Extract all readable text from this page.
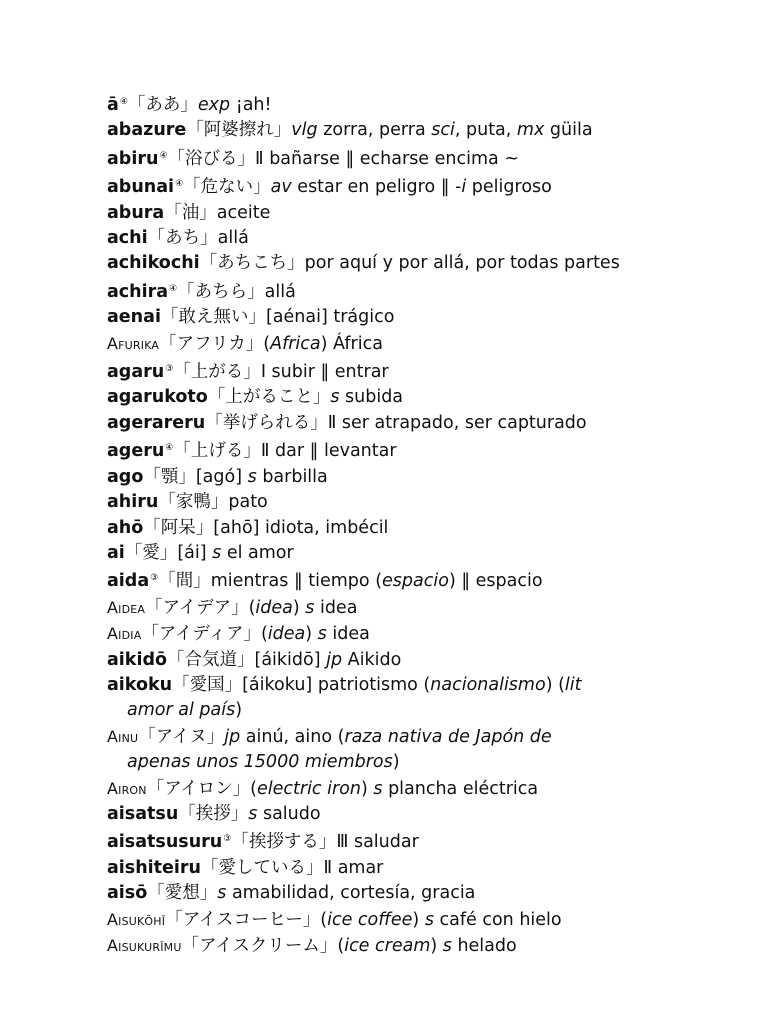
ā④「ああ」exp ¡ah!
abazure「阿婆擦れ」vlg zorra, perra sci, puta, mx güila
abiru④「浴びる」Ⅱ bañarse ‖ echarse encima ~
abunai④「危ない」av estar en peligro ‖ -i peligroso
abura「油」aceite
achi「あち」allá
achikochi「あちこち」por aquí y por allá, por todas partes
achira④「あちら」allá
aenai「敢え無い」[aénai] trágico
Afurika「アフリカ」(Africa) África
agaru③「上がる」Ⅰ subir ‖ entrar
agarukoto「上がること」s subida
agerareru「挙げられる」Ⅱ ser atrapado, ser capturado
ageru④「上げる」Ⅱ dar ‖ levantar
ago「顎」[agó] s barbilla
ahiru「家鴨」pato
ahō「阿呆」[ahō] idiota, imbécil
ai「愛」[ái] s el amor
aida③「間」mientras ‖ tiempo (espacio) ‖ espacio
Aidea「アイデア」(idea) s idea
Aidia「アイディア」(idea) s idea
aikidō「合気道」[áikidō] jp Aikido
aikoku「愛国」[áikoku] patriotismo (nacionalismo) (lit
amor al país)
Ainu「アイヌ」jp ainú, aino (raza nativa de Japón de
apenas unos 15000 miembros)
Airon「アイロン」(electric iron) s plancha eléctrica
aisatsu「挨拶」s saludo
aisatsusuru③「挨拶する」Ⅲ saludar
aishiteiru「愛している」Ⅱ amar
aisō「愛想」s amabilidad, cortesía, gracia
Aisukōhī「アイスコーヒー」(ice coffee) s café con hielo
Aisukurīmu「アイスクリーム」(ice cream) s helado
